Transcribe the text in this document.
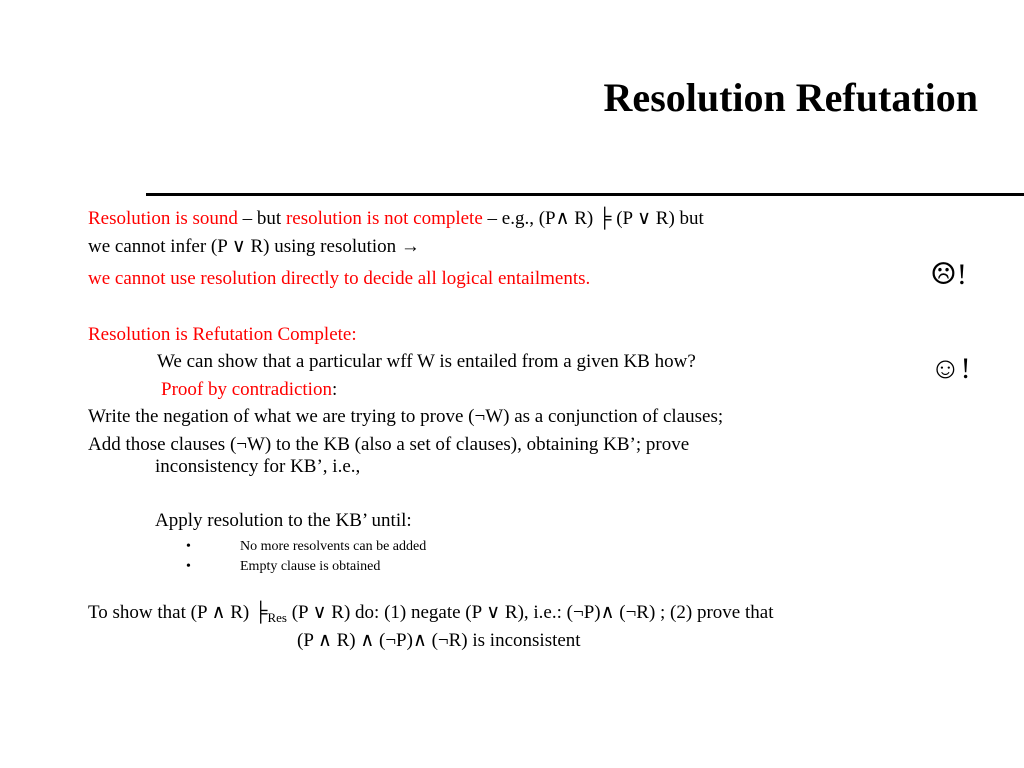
Resolution Refutation
Resolution is sound – but resolution is not complete – e.g., (P∧ R) ╞ (P ∨ R) but
we cannot infer (P ∨ R) using resolution →
we cannot use resolution directly to decide all logical entailments.	☹!
Resolution is Refutation Complete:
We can show that a particular wff W is entailed from a given KB how?	☺!
Proof by contradiction:
Write the negation of what we are trying to prove (¬W) as a conjunction of clauses;
Add those clauses (¬W) to the KB (also a set of clauses), obtaining KB’; prove
inconsistency for KB’, i.e.,
Apply resolution to the KB’ until:
•	No more resolvents can be added
•	Empty clause is obtained
To show that (P ∧ R) $╞_{Res}$ (P ∨ R) do: (1) negate (P ∨ R), i.e.: (¬P)∧ (¬R) ; (2) prove that
(P ∧ R) ∧ (¬P)∧ (¬R) is inconsistent
